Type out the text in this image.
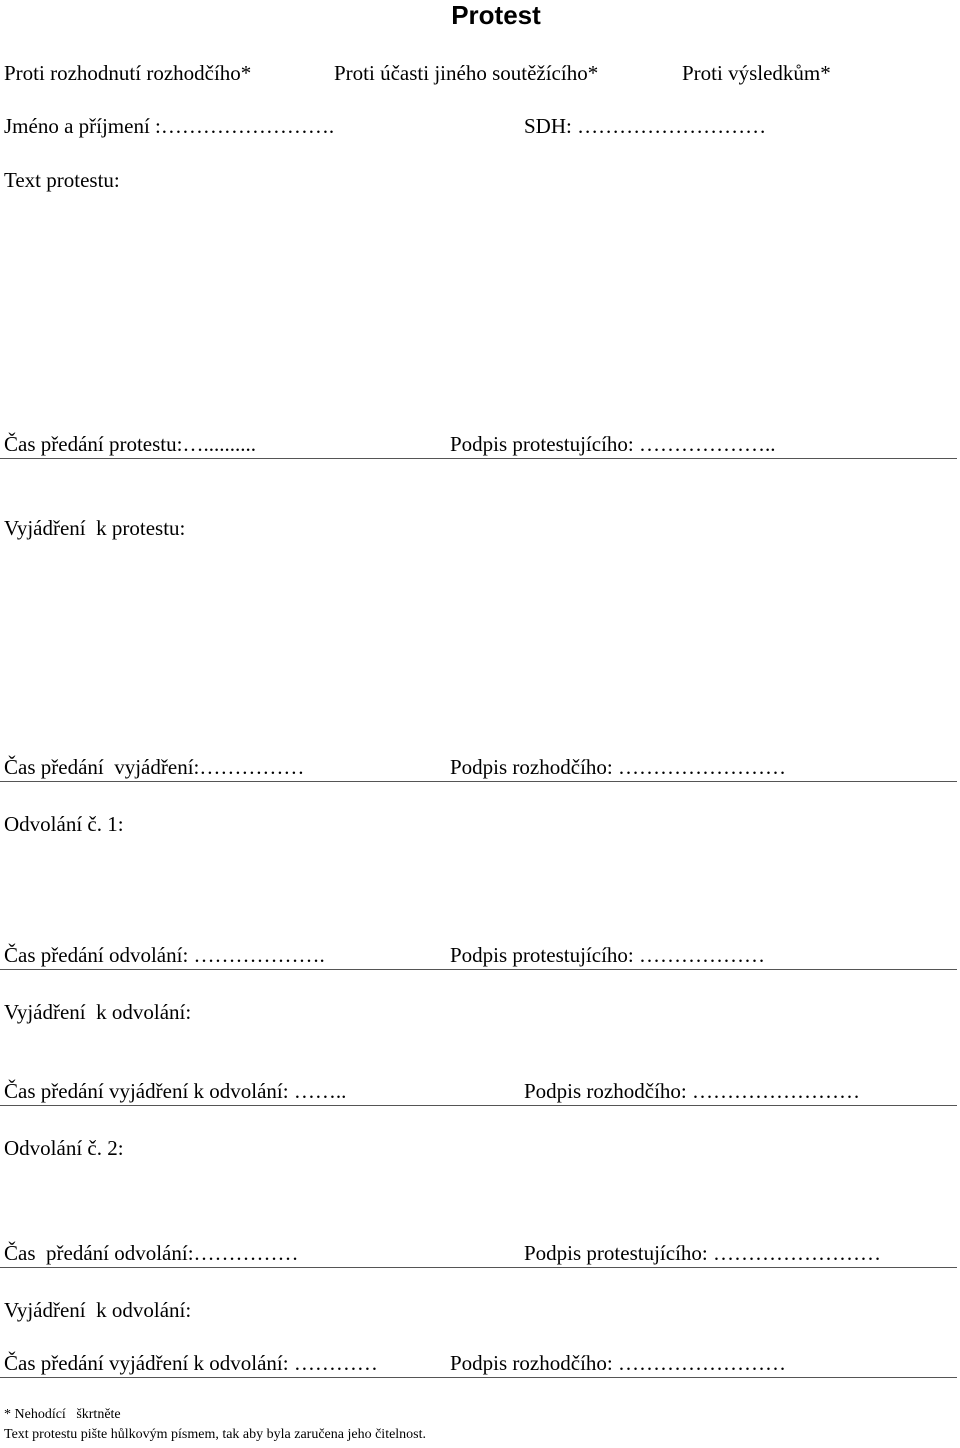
Protest
Proti rozhodnutí rozhodčího*	Proti účasti jiného soutěžícího*	Proti výsledkům*
Jméno a příjmení :…………………….	SDH: ………………………
Text protestu:
Čas předání protestu:…..........	Podpis protestujícího: ………………..
Vyjádření  k protestu:
Čas předání  vyjádření:……………	Podpis rozhodčího: ……………………
Odvolání č. 1:
Čas předání odvolání: ……………….	Podpis protestujícího: ………………
Vyjádření  k odvolání:
Čas předání vyjádření k odvolání: ……..	Podpis rozhodčího: ……………………
Odvolání č. 2:
Čas  předání odvolání:……………	Podpis protestujícího: ……………………
Vyjádření  k odvolání:
Čas předání vyjádření k odvolání: …………	Podpis rozhodčího: ……………………
* Nehodící   škrtněte
Text protestu pište hůlkovým písmem, tak aby byla zaručena jeho čitelnost.
